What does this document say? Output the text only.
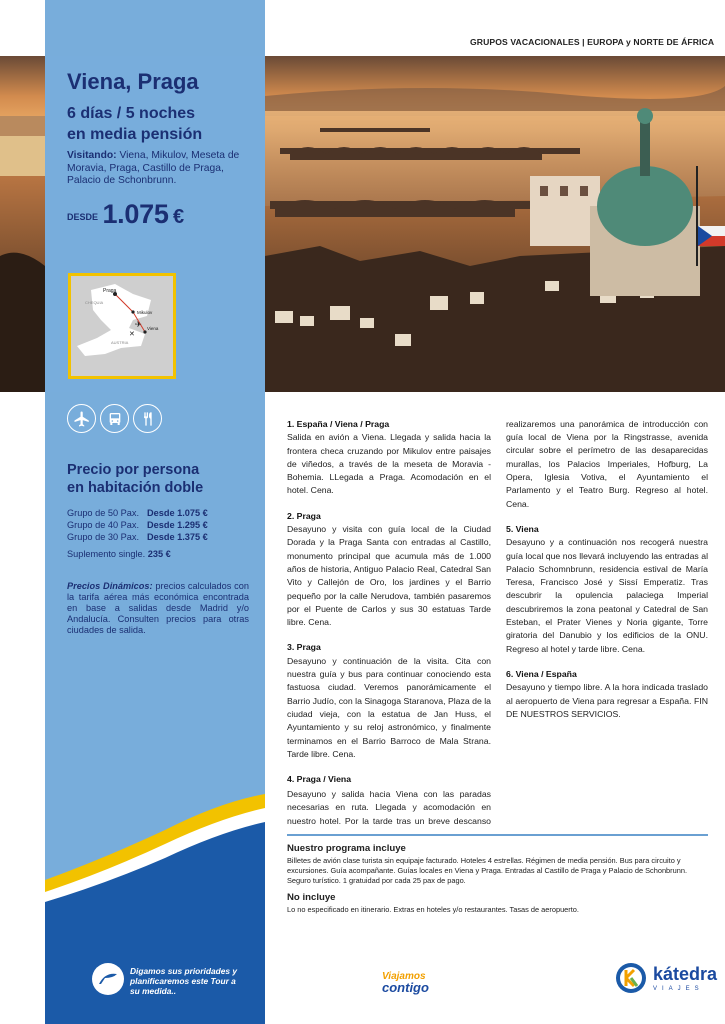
GRUPOS VACACIONALES | EUROPA y NORTE DE ÁFRICA
Viena, Praga
6 días / 5 noches
en media pensión
Visitando: Viena, Mikulov, Meseta de Moravia, Praga, Castillo de Praga, Palacio de Schonbrunn.
DESDE 1.075 €
Praga
CHEQUIA
Mikulov
Viena
AUSTRIA
✈
✕
Precio por persona
en habitación doble
Grupo de 50 Pax. Desde 1.075 €
Grupo de 40 Pax. Desde 1.295 €
Grupo de 30 Pax. Desde 1.375 €
Suplemento single. 235 €
Precios Dinámicos: precios calculados con la tarifa aérea más económica encontrada en base a salidas desde Madrid y/o Andalucía. Consulten precios para otras ciudades de salida.
Digamos sus prioridades y planificaremos este Tour a su medida..
1. España / Viena / Praga

Salida en avión a Viena. Llegada y salida hacia la frontera checa cruzando por Mikulov entre paisajes de viñedos, a través de la meseta de Moravia - Bohemia. LLegada a Praga. Acomodación en el hotel. Cena.

2. Praga

Desayuno y visita con guía local de la Ciudad Dorada y la Praga Santa con entradas al Castillo, monumento principal que acumula más de 1.000 años de historia, Antiguo Palacio Real, Catedral San Vito y Callejón de Oro, los jardines y el Barrio pequeño por la calle Nerudova, también pasaremos por el Puente de Carlos y sus 30 estatuas Tarde libre. Cena.

3. Praga

Desayuno y continuación de la visita. Cita con nuestra guía y bus para continuar conociendo esta fastuosa ciudad. Veremos panorámicamente el Barrio Judío, con la Sinagoga Staranova, Plaza de la ciudad vieja, con la estatua de Jan Huss, el Ayuntamiento y su reloj astronómico, y finalmente terminamos en el Barrio Barroco de Mala Strana. Tarde libre. Cena.

4. Praga / Viena

Desayuno y salida hacia Viena con las paradas necesarias en ruta. Llegada y acomodación en nuestro hotel. Por la tarde tras un breve descanso

realizaremos una panorámica de introducción con guía local de Viena por la Ringstrasse, avenida circular sobre el perímetro de las desaparecidas murallas, los Palacios Imperiales, Hofburg, La Opera, Iglesia Votiva, el Ayuntamiento el Parlamento y el Teatro Burg. Regreso al hotel. Cena.

5. Viena

Desayuno y a continuación nos recogerá nuestra guía local que nos llevará incluyendo las entradas al Palacio Schomnbrunn, residencia estival de María Teresa, Francisco José y Sissí Emperatiz. Tras descubrir la opulencia palaciega Imperial descubriremos la zona peatonal y Catedral de San Esteban, el Prater Vienes y Noria gigante, Torre giratoria del Danubio y los edificios de la ONU. Regreso al hotel y tarde libre. Cena.

6. Viena / España

Desayuno y tiempo libre. A la hora indicada traslado al aeropuerto de Viena para regresar a España. FIN DE NUESTROS SERVICIOS.

Nuestro programa incluye

Billetes de avión clase turista sin equipaje facturado. Hoteles 4 estrellas. Régimen de media pensión. Bus para circuito y excursiones. Guía acompañante. Guías locales en Viena y Praga. Entradas al Castillo de Praga y Palacio de Schonbrunn. Seguro turístico. 1 gratuidad por cada 25 pax de pago.

No incluye

Lo no especificado en itinerario. Extras en hoteles y/o restaurantes. Tasas de aeropuerto.

Viajamos
contigo
kátedra
VIAJES
